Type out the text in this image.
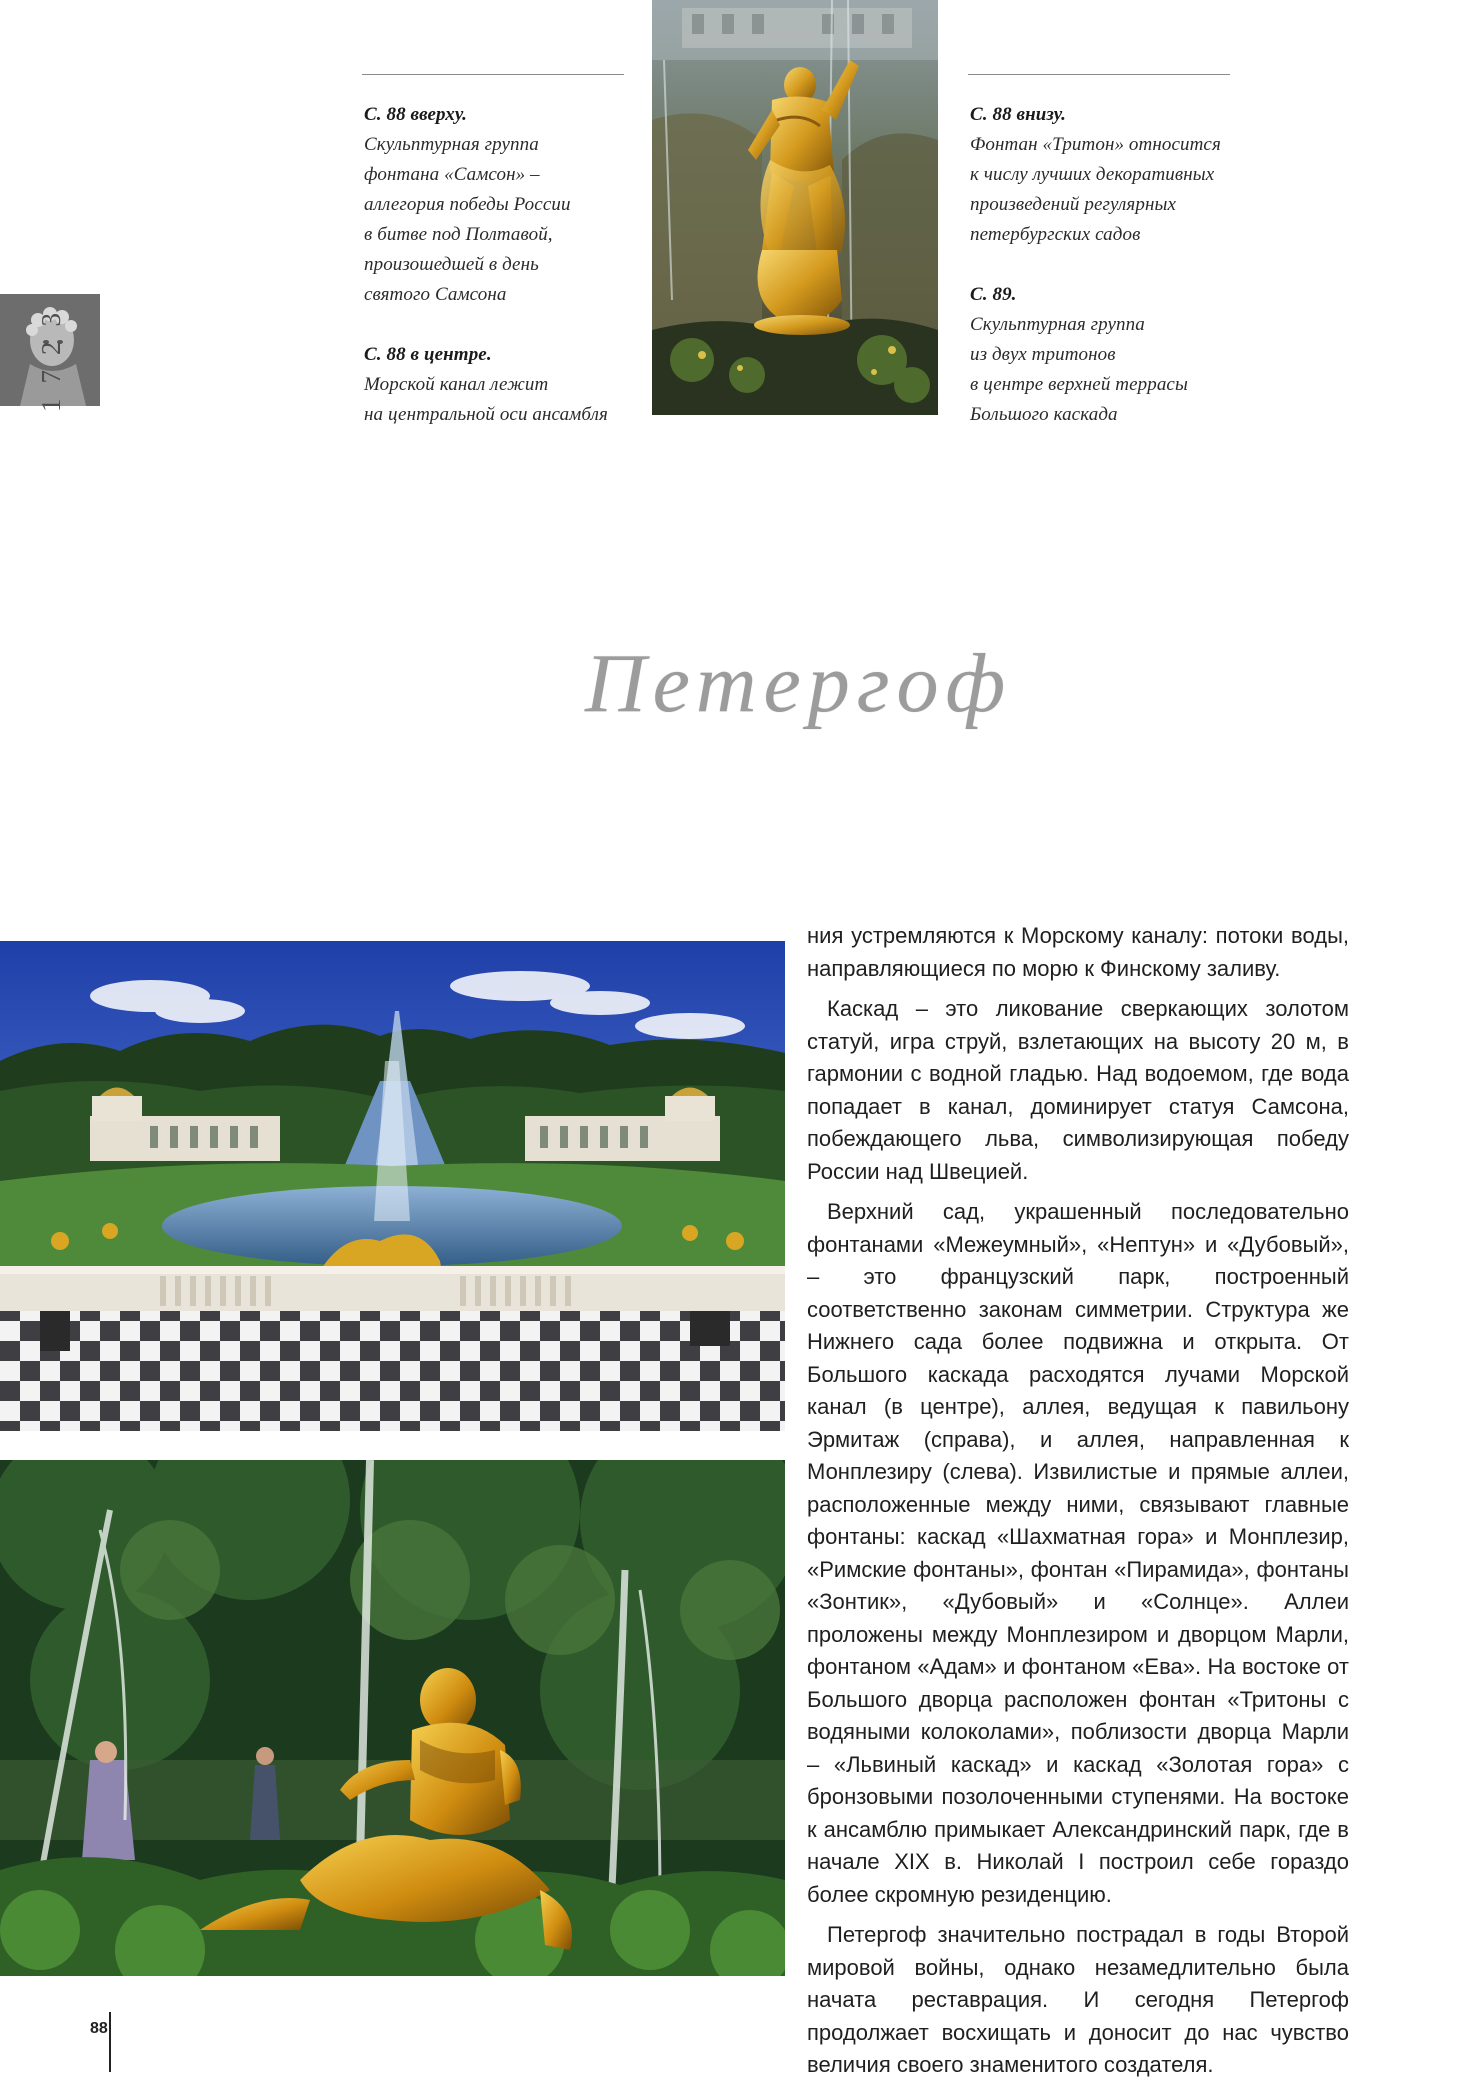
С. 88 вверху.
Скульптурная группа
фонтана «Самсон» –
аллегория победы России
в битве под Полтавой,
произошедшей в день
святого Самсона
С. 88 в центре.
Морской канал лежит
на центральной оси ансамбля
С. 88 внизу.
Фонтан «Тритон» относится
к числу лучших декоративных
произведений регулярных
петербургских садов
С. 89.
Скульптурная группа
из двух тритонов
в центре верхней террасы
Большого каскада
Петергоф

ния устремляются к Морскому каналу: потоки воды, направляющиеся по морю к Финскому заливу.

Каскад – это ликование сверкающих золотом статуй, игра струй, взлетающих на высоту 20 м, в гармонии с водной гладью. Над водоемом, где вода попадает в канал, доминирует статуя Самсона, побеждающего льва, символизирующая победу России над Швецией.

Верхний сад, украшенный последовательно фонтанами «Межеумный», «Нептун» и «Дубовый», – это французский парк, построенный соответственно законам симметрии. Структура же Нижнего сада более подвижна и открыта. От Большого каскада расходятся лучами Морской канал (в центре), аллея, ведущая к павильону Эрмитаж (справа), и аллея, направленная к Монплезиру (слева). Извилистые и прямые аллеи, расположенные между ними, связывают главные фонтаны: каскад «Шахматная гора» и Монплезир, «Римские фонтаны», фонтан «Пирамида», фонтаны «Зонтик», «Дубовый» и «Солнце». Аллеи проложены между Монплезиром и дворцом Марли, фонтаном «Адам» и фонтаном «Ева». На востоке от Большого дворца расположен фонтан «Тритоны с водяными колоколами», поблизости дворца Марли – «Львиный каскад» и каскад «Золотая гора» с бронзовыми позолоченными ступенями. На востоке к ансамблю примыкает Александринский парк, где в начале XIX в. Николай I построил себе гораздо более скромную резиденцию.

Петергоф значительно пострадал в годы Второй мировой войны, однако незамедлительно была начата реставрация. И сегодня Петергоф продолжает восхищать и доносит до нас чувство величия своего знаменитого создателя.

88
